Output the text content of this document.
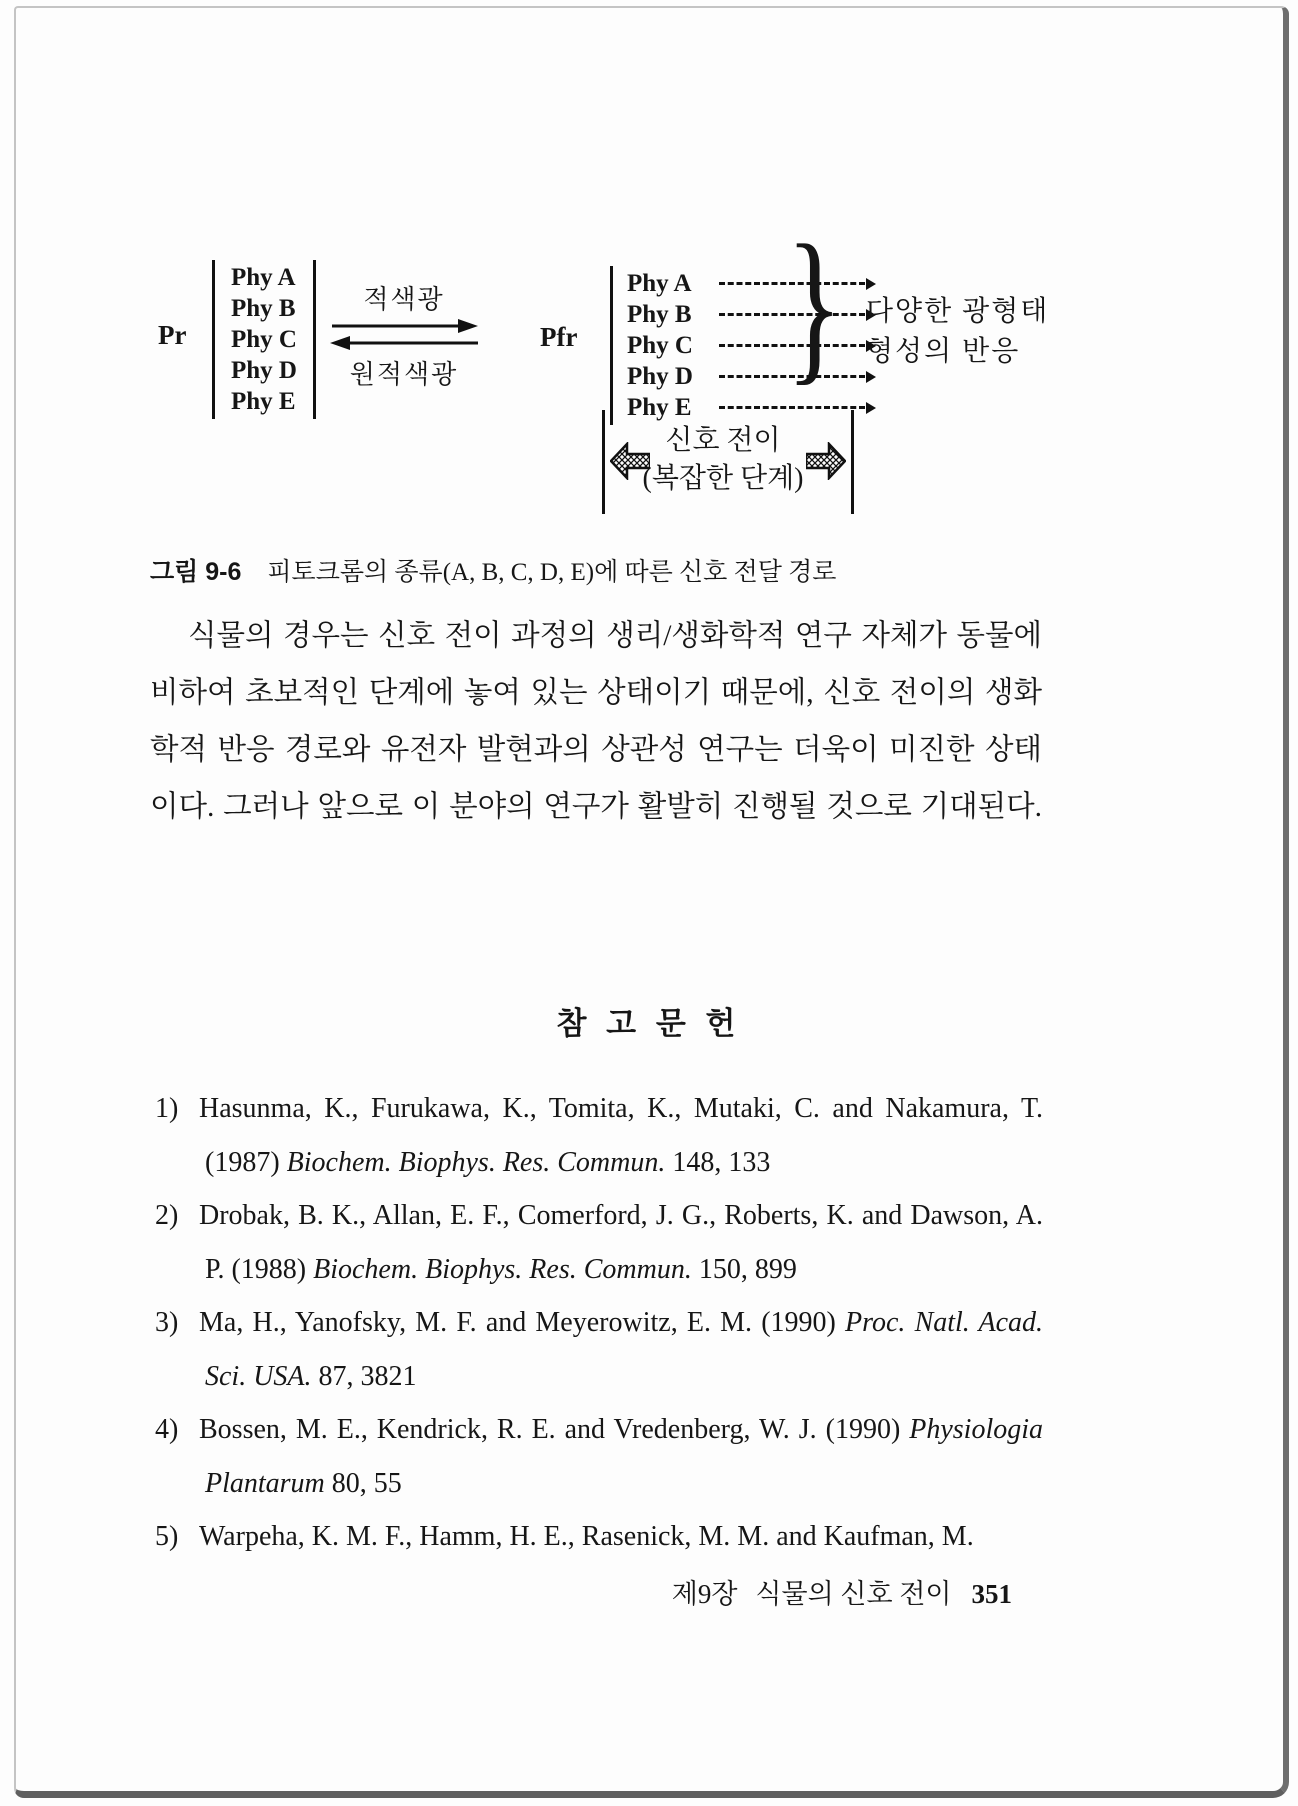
Pr
Phy A
Phy B
Phy C
Phy D
Phy E
적색광
원적색광
Pfr
Phy A
Phy B
Phy C
Phy D
Phy E
} 다양한 광형태
형성의 반응
신호 전이
(복잡한 단계)
그림 9-6 피토크롬의 종류(A, B, C, D, E)에 따른 신호 전달 경로
식물의 경우는 신호 전이 과정의 생리/생화학적 연구 자체가 동물에
비하여 초보적인 단계에 놓여 있는 상태이기 때문에, 신호 전이의 생화
학적 반응 경로와 유전자 발현과의 상관성 연구는 더욱이 미진한 상태
이다. 그러나 앞으로 이 분야의 연구가 활발히 진행될 것으로 기대된다.
참 고 문 헌
1) Hasunma, K., Furukawa, K., Tomita, K., Mutaki, C. and Nakamura, T. (1987) Biochem. Biophys. Res. Commun. 148, 133
2) Drobak, B. K., Allan, E. F., Comerford, J. G., Roberts, K. and Dawson, A. P. (1988) Biochem. Biophys. Res. Commun. 150, 899
3) Ma, H., Yanofsky, M. F. and Meyerowitz, E. M. (1990) Proc. Natl. Acad. Sci. USA. 87, 3821
4) Bossen, M. E., Kendrick, R. E. and Vredenberg, W. J. (1990) Physiologia Plantarum 80, 55
5) Warpeha, K. M. F., Hamm, H. E., Rasenick, M. M. and Kaufman, M.
제9장 식물의 신호 전이 351
